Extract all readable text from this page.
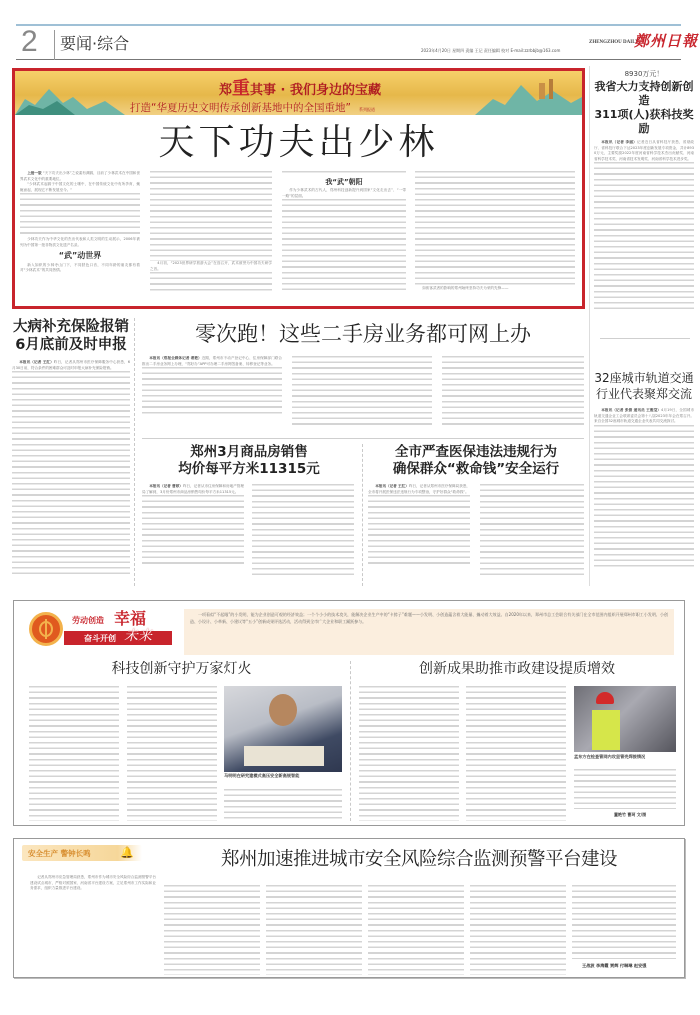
2 要闻·综合	2023年4月20日 星期四 责编 王记 责任编辑 校对 E-mail:zzrbbjb@163.com
ZHENGZHOU DAILY
鄭州日報
郑重其事 · 我们身边的宝藏
打造“华夏历史文明传承创新基地中的全国重地” 系列报道
天下功夫出少林

上接一版 “天下功夫出少林”之说素有渊源，目前了少林武术在中国和世界武术文化中的重要地位。

“少林武术起源于中国文化的土壤中，在中国传统文化中有所孕育，蜿蜒而起，展现它不断发展至今。”

少林功夫作为中华文化的杰出代表和人类文明的生动展示，2006年被列为中国第一批非物质文化遗产名录。

“武”动世界

新入如织的少林寺山门下，不同肤色口音，不同年龄的朋友都有着对“少林武术”的共同热情。

4月初，“2023世界研学旅游大会”在嵩召开，武术被誉为中国功夫研学之首。

我“武”朝阳

作为少林武术的古代人，郑州科技创新提升到国家“文化走出去”、“一带一路”的层面。

如侠客武者的影响的郑州始终坚持功夫为荣的先锋——

8930万元！
我省大力支持创新创造
311项(人)获科技奖励

本报讯（记者 李丽）记者近日从省科技厅获悉，省财政厅、省科技厅联合下达2023年度创新发展专项资金，共计8930万元，主要奖励2022年度河南省科学技术杰出贡献奖、河南省科学技术奖、河南省技术发明奖、河南省科学技术进步奖。

32座城市轨道交通
行业代表聚郑交流

本报讯（记者 张倩 通讯员 王雅莹）4月19日，全国城市轨道交通企业工会联席委员会第十八届2023年年会在郑召开。来自全国32座城市轨道交通企业代表共同交流探讨。

大病补充保险报销
6月底前及时申报

本报讯（记者 王红）昨日，记者从郑州市医疗保障服务中心获悉，6月30日前，符合条件的困难群众可及时申报大病补充保险报销。

零次跑！这些二手房业务都可网上办

本报讯（郑报全媒体记者 裴艳）近期，郑州市不动产登记中心、住房保障部门联合推出二手房业务网上办理，“郑好办”APP可办理二手房网签备案、转移登记等业务。

郑州3月商品房销售
均价每平方米11315元

本报讯（记者 曹婷）昨日，记者从市住房保障和房地产管理局了解到，3月份郑州市商品房销售均价每平方米11315元。

全市严查医保违法违规行为
确保群众“救命钱”安全运行

本报讯（记者 王红）昨日，记者从郑州市医疗保障局获悉，全市将开展医保违法违规行为专项整治，守护好群众“救命钱”。

劳动创造 幸福
奋斗开创 未来
一项看似“不起眼”的小发明，能为企业创造可观的经济效益；一个个小小的技术攻关，能解决企业生产中的“卡脖子”难题——小发明、小创造蕴含着大能量、撬动着大效益。自2020年以来，郑州市总工会联合有关部门在全市范围内组织开展郑州市职工小发明、小创造、小设计、小革新、小建议等“五小”创新成果评选活动，活动得到全市广大企业和职工踊跃参与。
科技创新守护万家灯火
马明明在研究建模式高压安全新高规智能
创新成果助推市政建设提质增效
孟东方在检查管网内攻坚管壳焊接情况
董艳竹 曹珂 文/图
安全生产 警钟长鸣	🔔	郑州加速推进城市安全风险综合监测预警平台建设
记者从郑州市应急管理局获悉，郑州市作为城市安全风险综合监测预警平台建设试点城市，严格对照国家、河南省平台建设方案，立足郑州市工作实际和业务需求，组织力量推进平台建设。
王战波 李海霞 贾辉 付琳琳 赵安强
